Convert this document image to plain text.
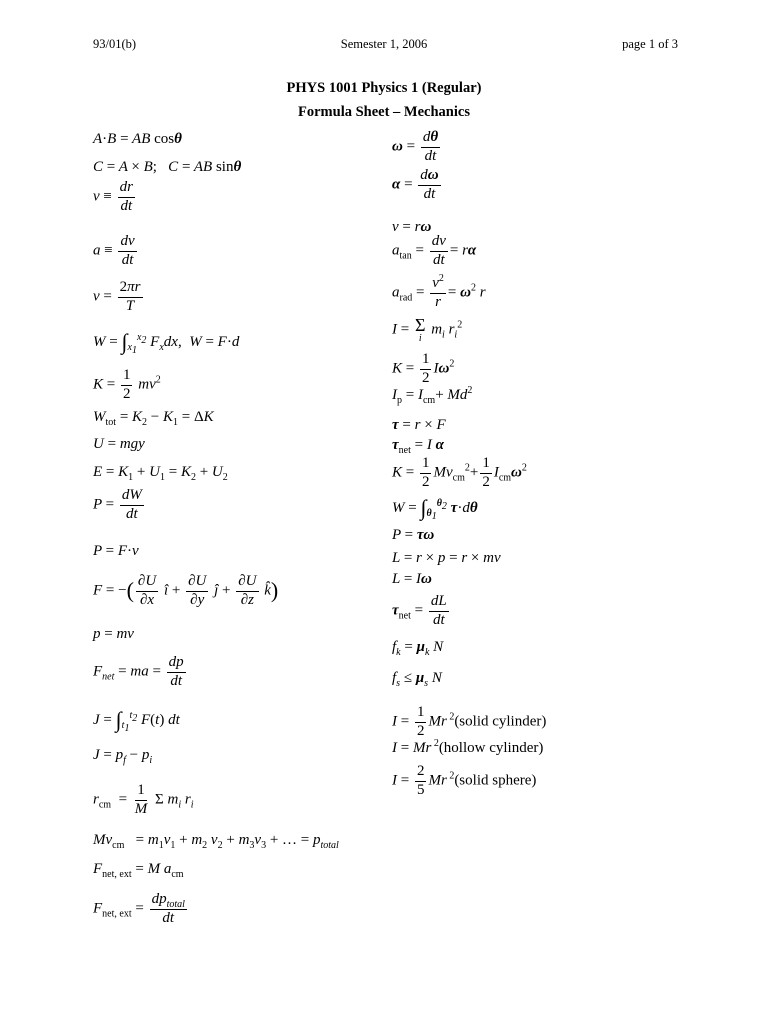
93/01(b)	Semester 1, 2006	page 1 of 3
PHYS 1001 Physics 1 (Regular)
Formula Sheet – Mechanics
A·B = AB cosθ
C = A × B;   C = AB sinθ
$v \equiv \frac{dr}{dt}$
$a \equiv \frac{dv}{dt}$
$v = \frac{2\pi r}{T}$
$W = \int_{x_1}^{x_2}$ $F_xdx$,  W = F·d
$K = \frac{1}{2} mv^2$
$W_{tot} = K_2 - K_1 = \Delta K$
U = mgy
$E = K_1 + U_1 = K_2 + U_2$
$P = \frac{dW}{dt}$
P = F·v
F = −( $\frac{\partial U}{\partial x}$ î + $\frac{\partial U}{\partial y}$ ĵ + $\frac{\partial U}{\partial z}$ k̂)
p = mv
$F_{net}$ = ma = $\frac{dp}{dt}$
$J = \int_{t_1}^{t_2}$ F(t) dt
$J = p_f - p_i$
$r_{cm} = \frac{1}{M}$ Σ $m_i$ $r_i$
$Mv_{cm} = m_1v_1 + m_2$ $v_2 + m_3v_3$ + … = $p_{total}$
$F_{net, ext} = M$ $a_{cm}$
$F_{net, ext} = \frac{dp_{total}}{dt}$
$\omega = \frac{d\theta}{dt}$
$\alpha = \frac{d\omega}{dt}$
v = rω
$a_{tan} = \frac{dv}{dt} = r\alpha$
$a_{rad} = \frac{v^2}{r} = \omega^2$ r
I = Σ
i
$m_i$ $r_i^2$
$K = \frac{1}{2} I\omega^2$
$I_p = I_{cm}+ Md^2$
τ = r × F
$\tau_{net} = I$ α
$K = \frac{1}{2} Mv_{cm}^2+ \frac{1}{2} I_{cm}\omega^2$
$W = \int_{\theta_1}^{\theta_2}$ τ·dθ
P = τω
L = r × p = r × mv
L = Iω
$\tau_{net} = \frac{dL}{dt}$
$f_k = \mu_k$ N
$f_s \le \mu_s$ N
$I = \frac{1}{2}$ Mr $^2$(solid cylinder)
I = Mr $^2$(hollow cylinder)
$I = \frac{2}{5}$ Mr $^2$(solid sphere)
